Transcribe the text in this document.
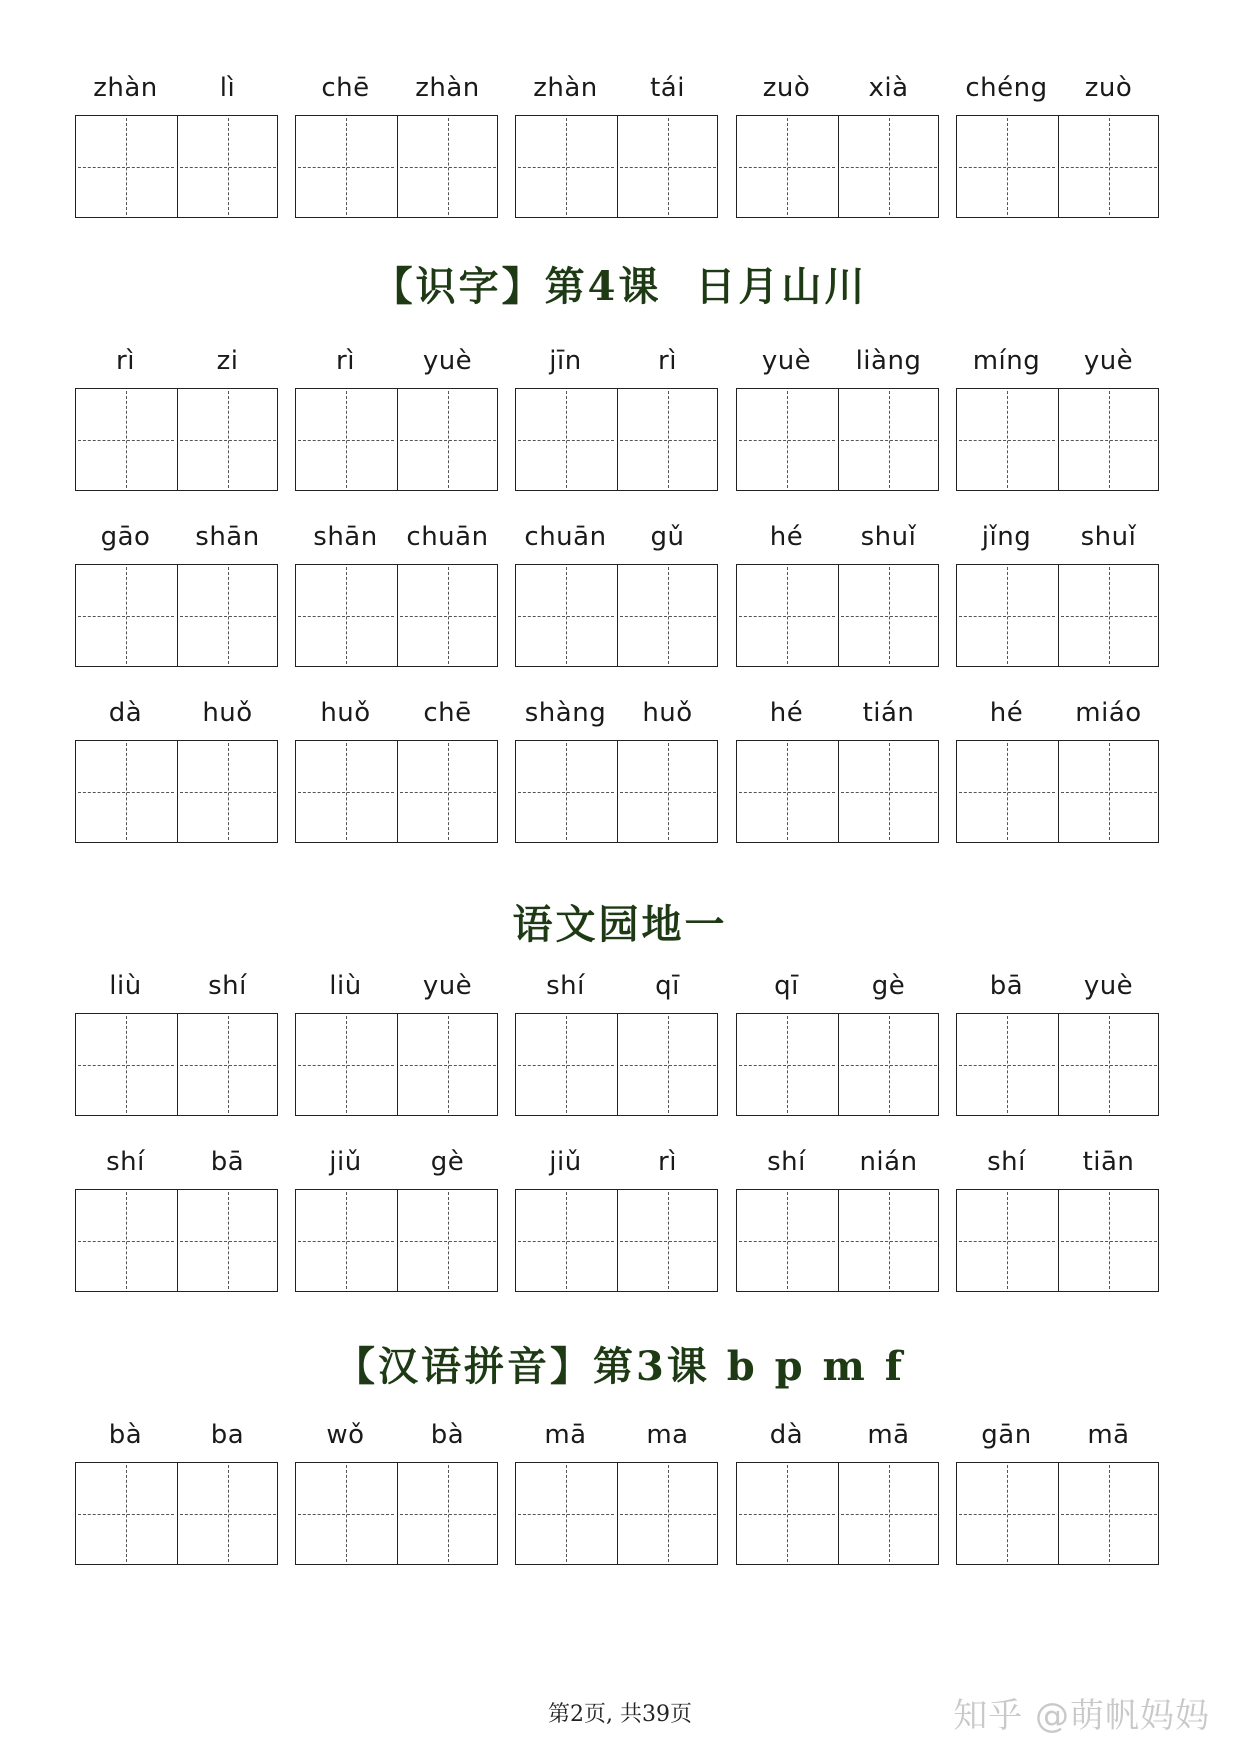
【识字】第4课  日月山川
语文园地一
【汉语拼音】第3课 b p m f
zhàn	lì	chē	zhàn	zhàn	tái	zuò	xià	chéng	zuò
rì	zi	rì	yuè	jīn	rì	yuè	liàng	míng	yuè
gāo	shān	shān	chuān	chuān	gǔ	hé	shuǐ	jǐng	shuǐ
dà	huǒ	huǒ	chē	shàng	huǒ	hé	tián	hé	miáo
liù	shí	liù	yuè	shí	qī	qī	gè	bā	yuè
shí	bā	jiǔ	gè	jiǔ	rì	shí	nián	shí	tiān
bà	ba	wǒ	bà	mā	ma	dà	mā	gān	mā
第2页, 共39页	知乎 @萌帆妈妈
